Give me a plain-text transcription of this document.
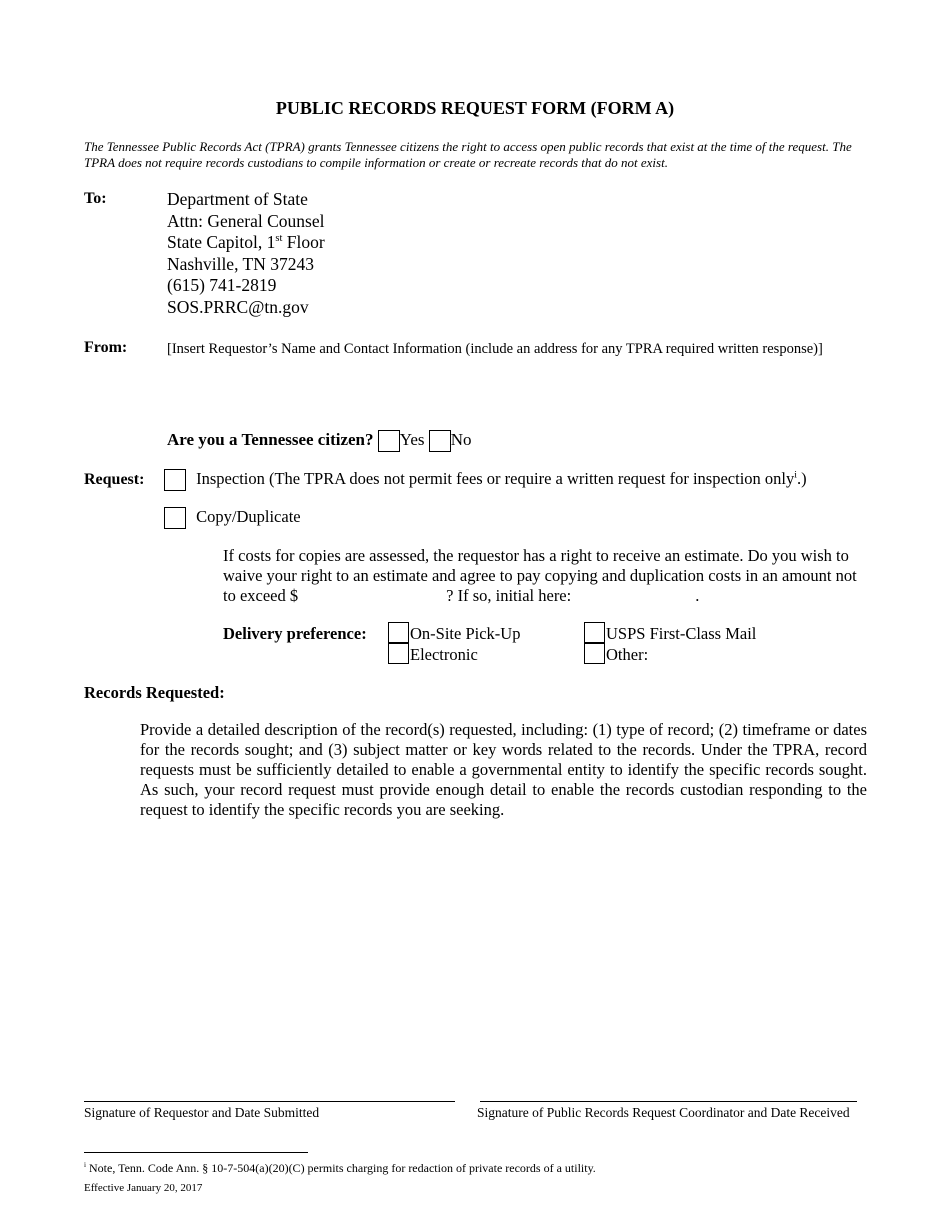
PUBLIC RECORDS REQUEST FORM (FORM A)
The Tennessee Public Records Act (TPRA) grants Tennessee citizens the right to access open public records that exist at the time of the request. The TPRA does not require records custodians to compile information or create or recreate records that do not exist.
To:	Department of State
Attn: General Counsel
State Capitol, 1st Floor
Nashville, TN 37243
(615) 741-2819
SOS.PRRC@tn.gov
From:	[Insert Requestor’s Name and Contact Information (include an address for any TPRA required written response)]
Are you a Tennessee citizen? Yes No
Request:	Inspection (The TPRA does not permit fees or require a written request for inspection only$^i$.)
Copy/Duplicate
If costs for copies are assessed, the requestor has a right to receive an estimate. Do you wish to waive your right to an estimate and agree to pay copying and duplication costs in an amount not to exceed $	? If so, initial here:	.
Delivery preference:	On-Site Pick-Up	USPS First-Class Mail
Electronic	Other:
Records Requested:
Provide a detailed description of the record(s) requested, including: (1) type of record; (2) timeframe or dates for the records sought; and (3) subject matter or key words related to the records. Under the TPRA, record requests must be sufficiently detailed to enable a governmental entity to identify the specific records sought. As such, your record request must provide enough detail to enable the records custodian responding to the request to identify the specific records you are seeking.
Signature of Requestor and Date Submitted	Signature of Public Records Request Coordinator and Date Received
$^i$ Note, Tenn. Code Ann. § 10-7-504(a)(20)(C) permits charging for redaction of private records of a utility.
Effective January 20, 2017
